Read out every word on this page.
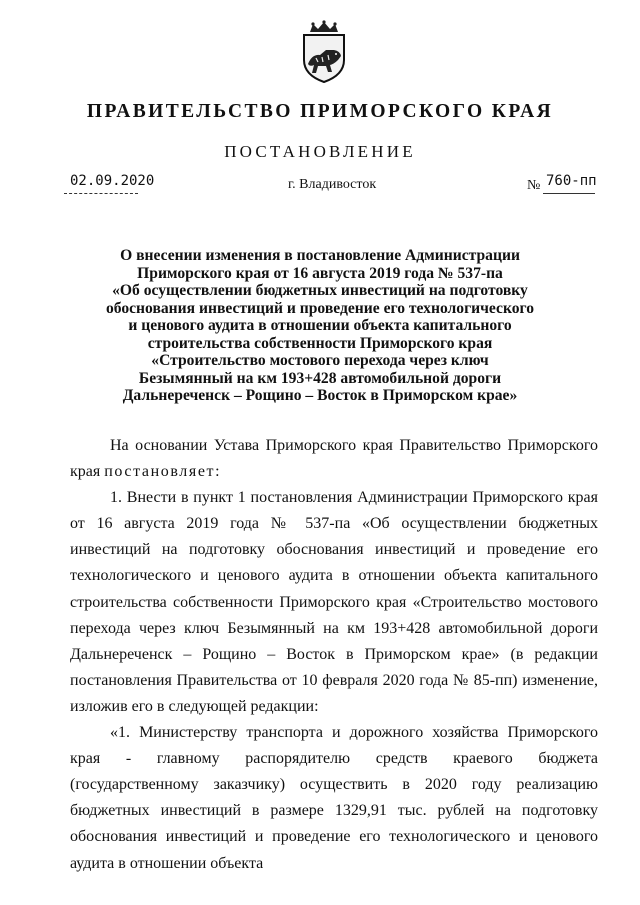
ПРАВИТЕЛЬСТВО ПРИМОРСКОГО КРАЯ
ПОСТАНОВЛЕНИЕ
02.09.2020	г. Владивосток	№ 760-пп
О внесении изменения в постановление Администрации
Приморского края от 16 августа 2019 года № 537-па
«Об осуществлении бюджетных инвестиций на подготовку
обоснования инвестиций и проведение его технологического
и ценового аудита в отношении объекта капитального
строительства собственности Приморского края
«Строительство мостового перехода через ключ
Безымянный на км 193+428 автомобильной дороги
Дальнереченск – Рощино – Восток в Приморском крае»

На основании Устава Приморского края Правительство Приморского края постановляет:

1. Внести в пункт 1 постановления Администрации Приморского края от 16 августа 2019 года № 537-па «Об осуществлении бюджетных инвестиций на подготовку обоснования инвестиций и проведение его технологического и ценового аудита в отношении объекта капитального строительства собственности Приморского края «Строительство мостового перехода через ключ Безымянный на км 193+428 автомобильной дороги Дальнереченск – Рощино – Восток в Приморском крае» (в редакции постановления Правительства от 10 февраля 2020 года № 85-пп) изменение, изложив его в следующей редакции:

«1. Министерству транспорта и дорожного хозяйства Приморского края - главному распорядителю средств краевого бюджета (государственному заказчику) осуществить в 2020 году реализацию бюджетных инвестиций в размере 1329,91 тыс. рублей на подготовку обоснования инвестиций и проведение его технологического и ценового аудита в отношении объекта
